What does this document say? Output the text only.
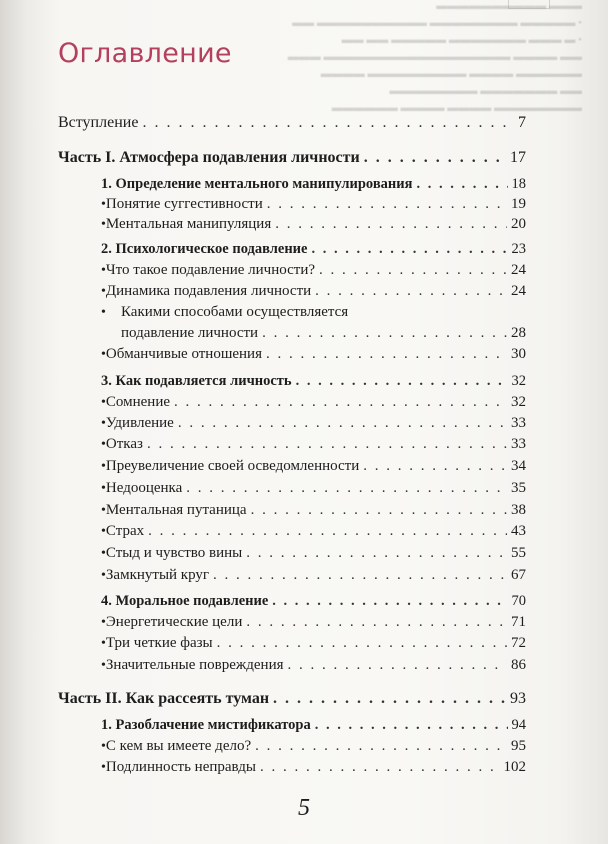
▬▬▬ ▬▬▬▬▬▬▬▬▬▬
• ▬▬▬▬▬ ▬▬▬▬▬▬▬▬ ▬▬▬▬▬▬▬▬▬▬ ▬▬
• ▬ ▬▬▬ ▬▬▬▬▬▬▬ ▬▬▬▬▬ ▬▬ ▬▬
▬▬ ▬▬▬▬ ▬▬▬▬▬▬▬▬▬▬▬▬▬▬▬▬▬ ▬▬▬
▬▬▬▬▬▬ ▬▬▬▬ ▬▬▬▬▬▬▬▬▬ ▬▬▬▬
▬▬ ▬▬▬▬▬▬▬ ▬▬▬▬▬▬▬▬
▬▬▬▬▬▬▬▬ ▬▬▬▬ ▬▬▬▬ ▬▬▬▬▬▬
Оглавление
Вступление . . .	7
Часть I. Атмосфера подавления личности . . .	17
1. Определение ментального манипулирования . . .	18
• Понятие суггестивности . . .	19
• Ментальная манипуляция . . .	20
2. Психологическое подавление . . .	23
• Что такое подавление личности? . . .	24
• Динамика подавления личности . . .	24
•	Какими способами осуществляется
подавление личности . . .	28
• Обманчивые отношения . . .	30
3. Как подавляется личность . . .	32
• Сомнение . . .	32
• Удивление . . .	33
• Отказ . . .	33
• Преувеличение своей осведомленности . . .	34
• Недооценка . . .	35
• Ментальная путаница . . .	38
• Страх . . .	43
• Стыд и чувство вины . . .	55
• Замкнутый круг . . .	67
4. Моральное подавление . . .	70
• Энергетические цели . . .	71
• Три четкие фазы . . .	72
• Значительные повреждения . . .	86
Часть II. Как рассеять туман . . .	93
1. Разоблачение мистификатора . . .	94
• С кем вы имеете дело? . . .	95
• Подлинность неправды . . .	102
5
